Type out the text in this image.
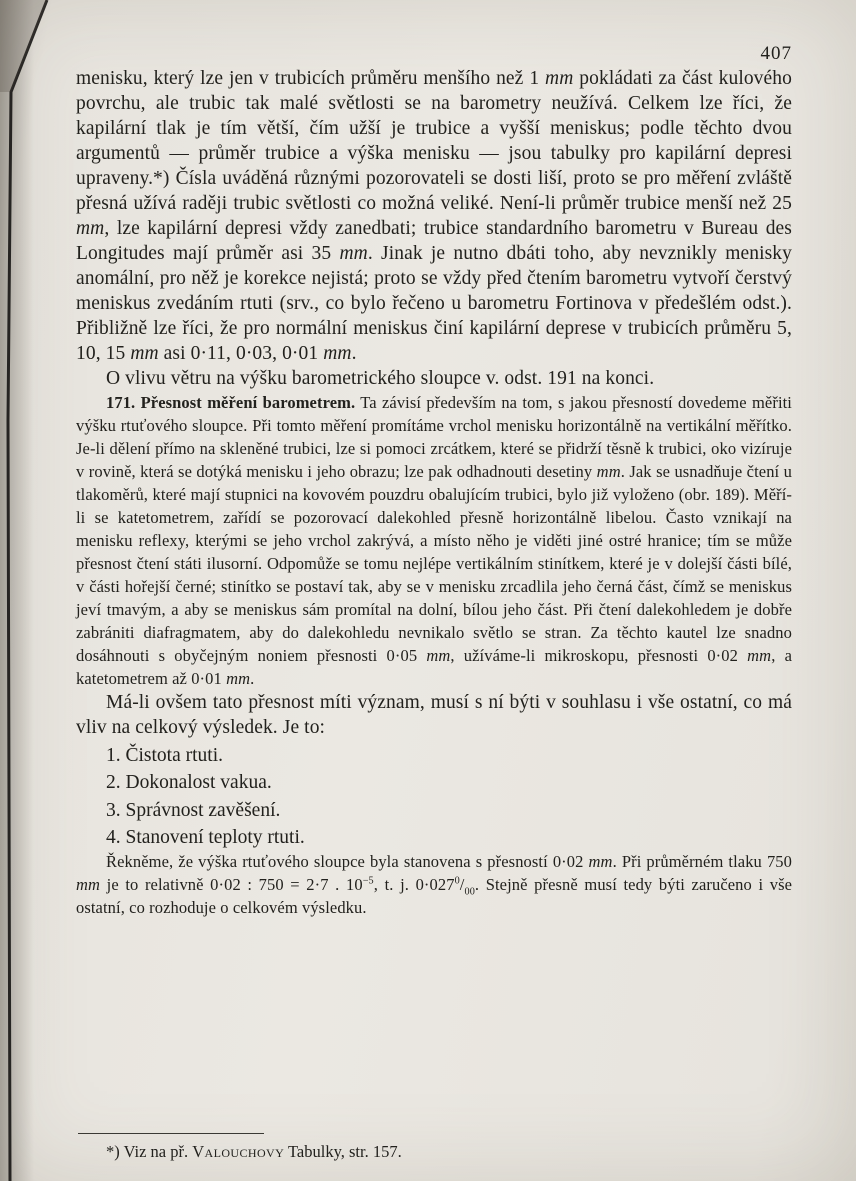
407

menisku, který lze jen v trubicích průměru menšího než 1 mm pokládati za část kulového povrchu, ale trubic tak malé světlosti se na barometry neužívá. Celkem lze říci, že kapilární tlak je tím větší, čím užší je trubice a vyšší meniskus; podle těchto dvou argumentů — průměr trubice a výška menisku — jsou tabulky pro kapilární depresi upraveny.*) Čísla uváděná různými pozorovateli se dosti liší, proto se pro měření zvláště přesná užívá raději trubic světlosti co možná veliké. Není-li průměr trubice menší než 25 mm, lze kapilární depresi vždy zanedbati; trubice standardního barometru v Bureau des Longitudes mají průměr asi 35 mm. Jinak je nutno dbáti toho, aby nevznikly menisky anomální, pro něž je korekce nejistá; proto se vždy před čtením barometru vytvoří čerstvý meniskus zvedáním rtuti (srv., co bylo řečeno u barometru Fortinova v předešlém odst.). Přibližně lze říci, že pro normální meniskus činí kapilární deprese v trubicích průměru 5, 10, 15 mm asi 0·11, 0·03, 0·01 mm.

O vlivu větru na výšku barometrického sloupce v. odst. 191 na konci.

171. Přesnost měření barometrem. Ta závisí především na tom, s jakou přesností dovedeme měřiti výšku rtuťového sloupce. Při tomto měření promítáme vrchol menisku horizontálně na vertikální měřítko. Je-li dělení přímo na skleněné trubici, lze si pomoci zrcátkem, které se přidrží těsně k trubici, oko vizíruje v rovině, která se dotýká menisku i jeho obrazu; lze pak odhadnouti desetiny mm. Jak se usnadňuje čtení u tlakoměrů, které mají stupnici na kovovém pouzdru obalujícím trubici, bylo již vyloženo (obr. 189). Měří-li se katetometrem, zařídí se pozorovací dalekohled přesně horizontálně libelou. Často vznikají na menisku reflexy, kterými se jeho vrchol zakrývá, a místo něho je viděti jiné ostré hranice; tím se může přesnost čtení státi ilusorní. Odpomůže se tomu nejlépe vertikálním stinítkem, které je v dolejší části bílé, v části hořejší černé; stinítko se postaví tak, aby se v menisku zrcadlila jeho černá část, čímž se meniskus jeví tmavým, a aby se meniskus sám promítal na dolní, bílou jeho část. Při čtení dalekohledem je dobře zabrániti diafragmatem, aby do dalekohledu nevnikalo světlo se stran. Za těchto kautel lze snadno dosáhnouti s obyčejným noniem přesnosti 0·05 mm, užíváme-li mikroskopu, přesnosti 0·02 mm, a katetometrem až 0·01 mm.

Má-li ovšem tato přesnost míti význam, musí s ní býti v souhlasu i vše ostatní, co má vliv na celkový výsledek. Je to:

1. Čistota rtuti.
2. Dokonalost vakua.
3. Správnost zavěšení.
4. Stanovení teploty rtuti.

Řekněme, že výška rtuťového sloupce byla stanovena s přesností 0·02 mm. Při průměrném tlaku 750 mm je to relativně 0·02 : 750 = 2·7 . $10^{-5}$, t. j. $0\cdot 027^0/_{00}$. Stejně přesně musí tedy býti zaručeno i vše ostatní, co rozhoduje o celkovém výsledku.

*) Viz na př. Valouchovy Tabulky, str. 157.
